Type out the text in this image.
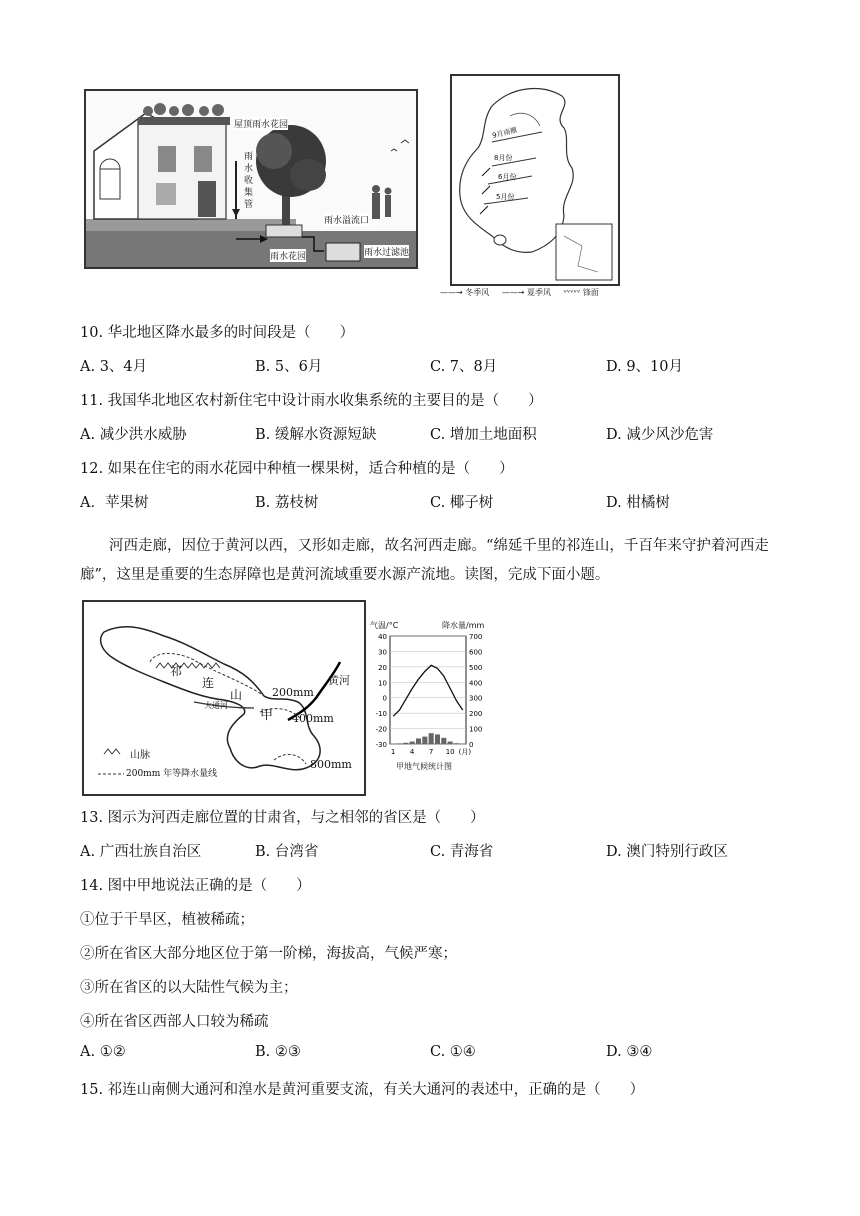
屋顶雨水花园
雨
水
收
集
管
雨水溢流口
雨水过滤池
雨水花园
9月南撤
8月份
6月份
5月份
——→ 冬季风 ——→ 夏季风 ᵛᵛᵛᵛᵛ 锋面
10. 华北地区降水最多的时间段是（　　）
A. 3、4月	B. 5、6月	C. 7、8月	D. 9、10月
11. 我国华北地区农村新住宅中设计雨水收集系统的主要目的是（　　）
A. 减少洪水威胁	B. 缓解水资源短缺	C. 增加土地面积	D. 减少风沙危害
12. 如果在住宅的雨水花园中种植一棵果树，适合种植的是（　　）
A．苹果树	B. 荔枝树	C. 椰子树	D. 柑橘树
河西走廊，因位于黄河以西，又形如走廊，故名河西走廊。“绵延千里的祁连山，千百年来守护着河西走廊”，这里是重要的生态屏障也是黄河流域重要水源产流地。读图，完成下面小题。
祁
连
山
甲
大通河
黄河
200mm
400mm
800mm
山脉
200mm 年等降水量线
气温/°C	降水量/mm
40	700
30	600
20	500
10	400
0	300
-10	200
-20	100
-30	0
1 4 7 10 (月)
甲地气候统计图
13. 图示为河西走廊位置的甘肃省，与之相邻的省区是（　　）
A. 广西壮族自治区	B. 台湾省	C. 青海省	D. 澳门特别行政区
14. 图中甲地说法正确的是（　　）
①位于干旱区，植被稀疏；
②所在省区大部分地区位于第一阶梯，海拔高，气候严寒；
③所在省区的以大陆性气候为主；
④所在省区西部人口较为稀疏
A. ①②	B. ②③	C. ①④	D. ③④
15. 祁连山南侧大通河和湟水是黄河重要支流，有关大通河的表述中，正确的是（　　）
